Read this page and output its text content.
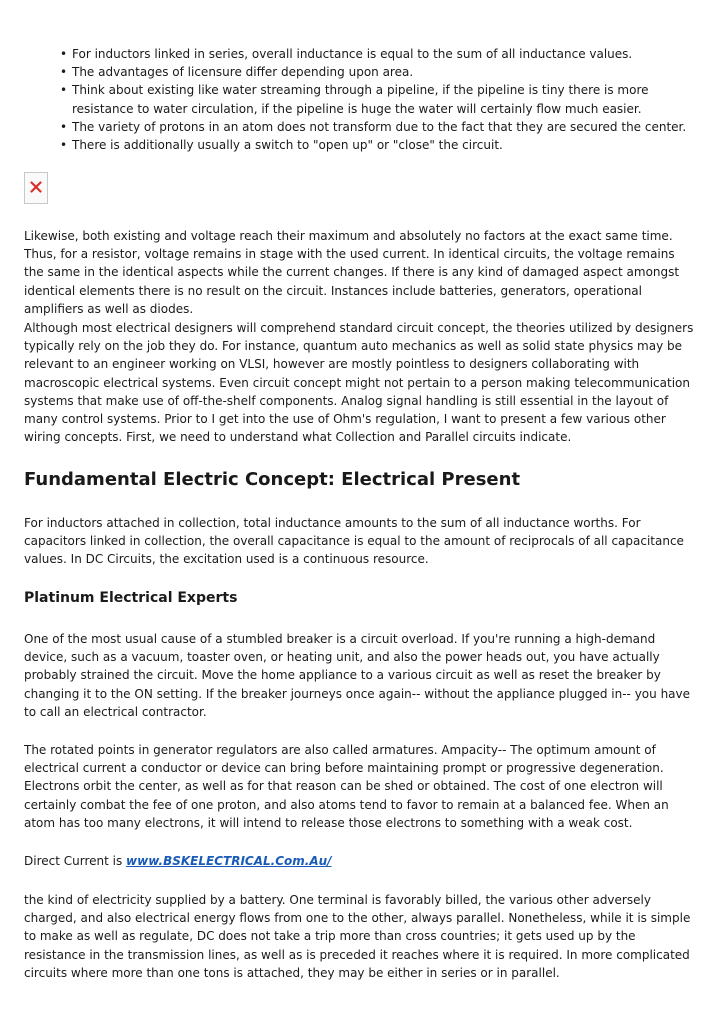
• For inductors linked in series, overall inductance is equal to the sum of all inductance values.
• The advantages of licensure differ depending upon area.
• Think about existing like water streaming through a pipeline, if the pipeline is tiny there is more resistance to water circulation, if the pipeline is huge the water will certainly flow much easier.
• The variety of protons in an atom does not transform due to the fact that they are secured the center.
• There is additionally usually a switch to "open up" or "close" the circuit.

Likewise, both existing and voltage reach their maximum and absolutely no factors at the exact same time. Thus, for a resistor, voltage remains in stage with the used current. In identical circuits, the voltage remains the same in the identical aspects while the current changes. If there is any kind of damaged aspect amongst identical elements there is no result on the circuit. Instances include batteries, generators, operational amplifiers as well as diodes.

Although most electrical designers will comprehend standard circuit concept, the theories utilized by designers typically rely on the job they do. For instance, quantum auto mechanics as well as solid state physics may be relevant to an engineer working on VLSI, however are mostly pointless to designers collaborating with macroscopic electrical systems. Even circuit concept might not pertain to a person making telecommunication systems that make use of off-the-shelf components. Analog signal handling is still essential in the layout of many control systems. Prior to I get into the use of Ohm's regulation, I want to present a few various other wiring concepts. First, we need to understand what Collection and Parallel circuits indicate.

Fundamental Electric Concept: Electrical Present

For inductors attached in collection, total inductance amounts to the sum of all inductance worths. For capacitors linked in collection, the overall capacitance is equal to the amount of reciprocals of all capacitance values. In DC Circuits, the excitation used is a continuous resource.

Platinum Electrical Experts

One of the most usual cause of a stumbled breaker is a circuit overload. If you're running a high-demand device, such as a vacuum, toaster oven, or heating unit, and also the power heads out, you have actually probably strained the circuit. Move the home appliance to a various circuit as well as reset the breaker by changing it to the ON setting. If the breaker journeys once again-- without the appliance plugged in-- you have to call an electrical contractor.

The rotated points in generator regulators are also called armatures. Ampacity-- The optimum amount of electrical current a conductor or device can bring before maintaining prompt or progressive degeneration. Electrons orbit the center, as well as for that reason can be shed or obtained. The cost of one electron will certainly combat the fee of one proton, and also atoms tend to favor to remain at a balanced fee. When an atom has too many electrons, it will intend to release those electrons to something with a weak cost.

Direct Current is www.BSKELECTRICAL.Com.Au/

the kind of electricity supplied by a battery. One terminal is favorably billed, the various other adversely charged, and also electrical energy flows from one to the other, always parallel. Nonetheless, while it is simple to make as well as regulate, DC does not take a trip more than cross countries; it gets used up by the resistance in the transmission lines, as well as is preceded it reaches where it is required. In more complicated circuits where more than one tons is attached, they may be either in series or in parallel.
